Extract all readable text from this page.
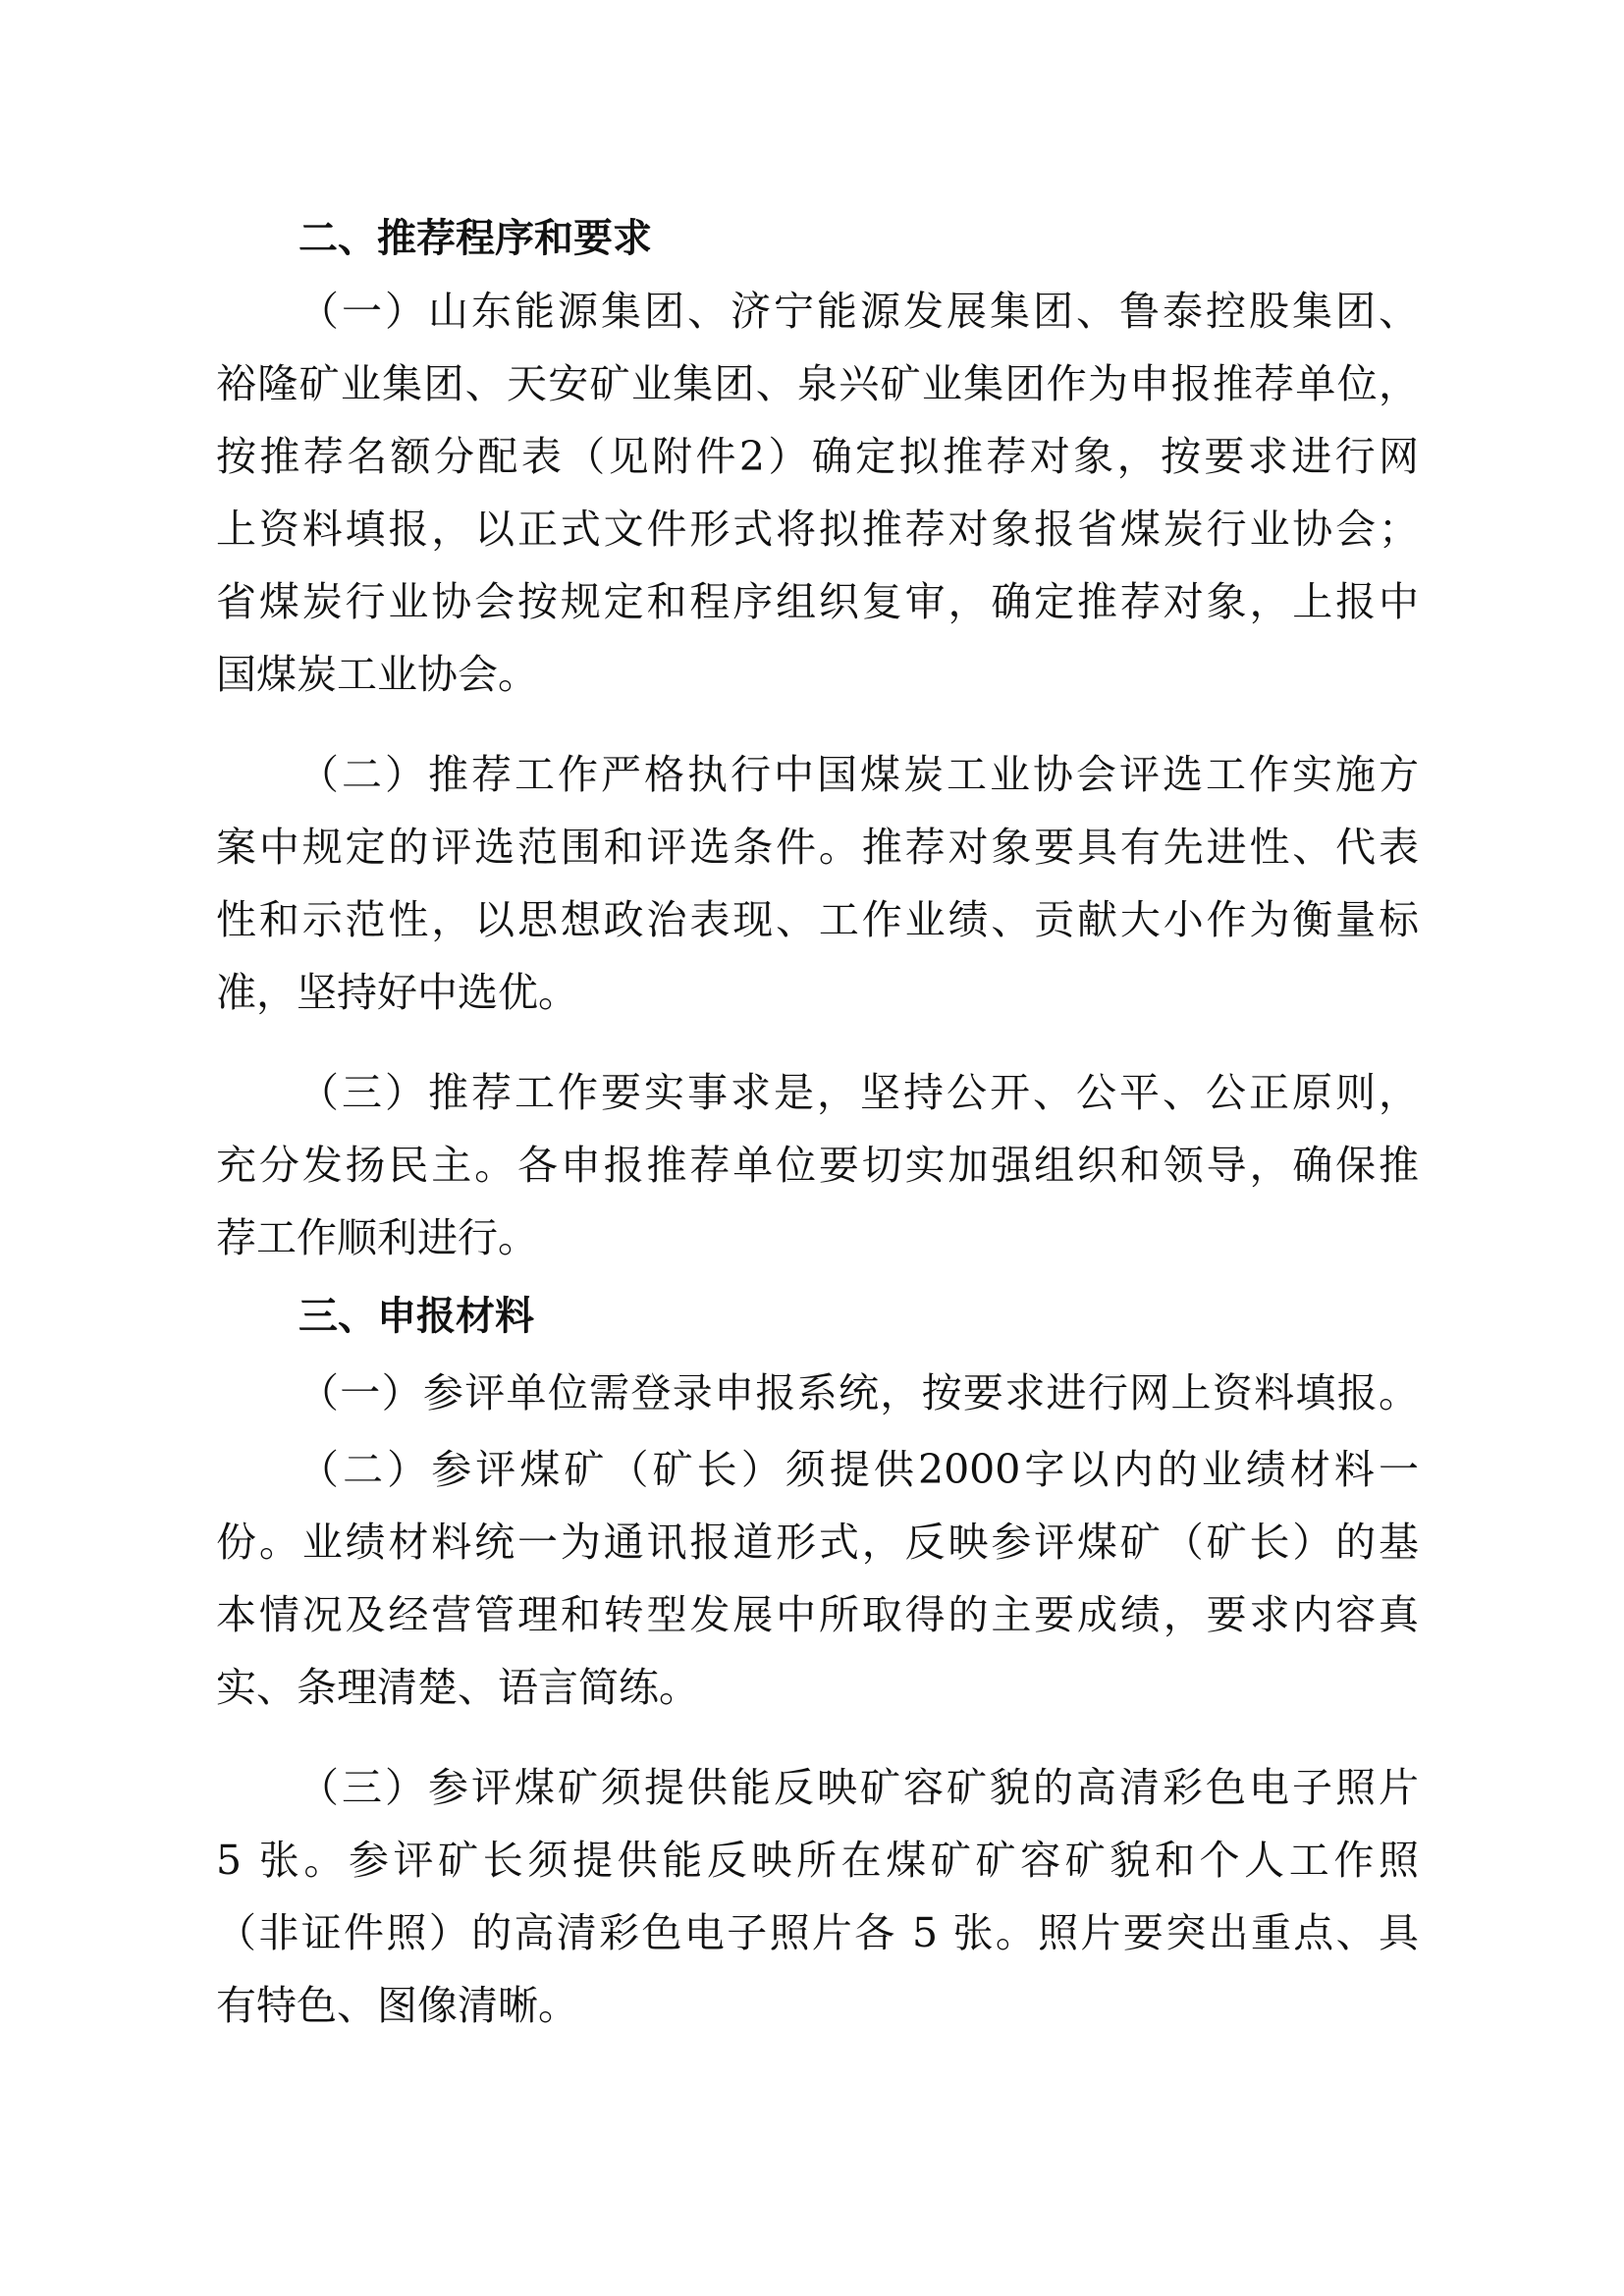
二、推荐程序和要求
（一）山东能源集团、济宁能源发展集团、鲁泰控股集团、
裕隆矿业集团、天安矿业集团、泉兴矿业集团作为申报推荐单位，
按推荐名额分配表（见附件2）确定拟推荐对象，按要求进行网
上资料填报，以正式文件形式将拟推荐对象报省煤炭行业协会；
省煤炭行业协会按规定和程序组织复审，确定推荐对象，上报中
国煤炭工业协会。
（二）推荐工作严格执行中国煤炭工业协会评选工作实施方
案中规定的评选范围和评选条件。推荐对象要具有先进性、代表
性和示范性，以思想政治表现、工作业绩、贡献大小作为衡量标
准，坚持好中选优。
（三）推荐工作要实事求是，坚持公开、公平、公正原则，
充分发扬民主。各申报推荐单位要切实加强组织和领导，确保推
荐工作顺利进行。
三、申报材料
（一）参评单位需登录申报系统，按要求进行网上资料填报。
（二）参评煤矿（矿长）须提供2000字以内的业绩材料一
份。业绩材料统一为通讯报道形式，反映参评煤矿（矿长）的基
本情况及经营管理和转型发展中所取得的主要成绩，要求内容真
实、条理清楚、语言简练。
（三）参评煤矿须提供能反映矿容矿貌的高清彩色电子照片
5 张。参评矿长须提供能反映所在煤矿矿容矿貌和个人工作照
（非证件照）的高清彩色电子照片各 5 张。照片要突出重点、具
有特色、图像清晰。
